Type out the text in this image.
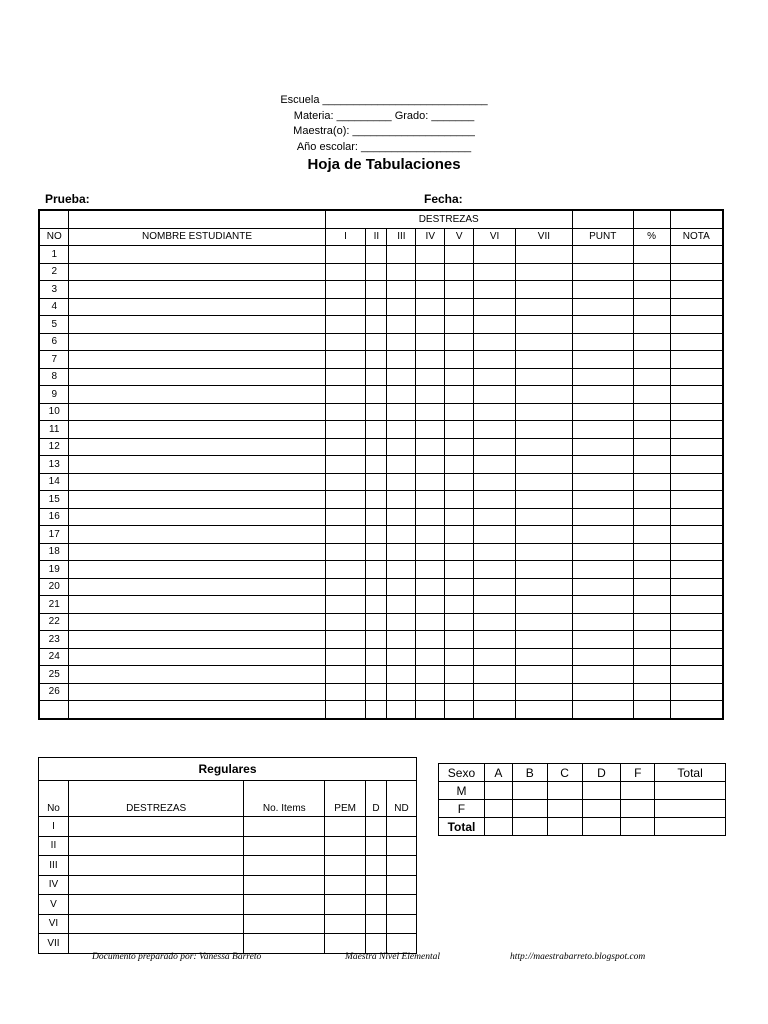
Escuela ___________________________
Materia: _________ Grado: _______
Maestra(o): ____________________
Año escolar: __________________
Hoja de Tabulaciones
Prueba:	Fecha:
		DESTREZAS									
NO	NOMBRE ESTUDIANTE	I	II	III	IV	V	VI	VII	PUNT	%	NOTA
1											
2											
3											
4											
5											
6											
7											
8											
9											
10											
11											
12											
13											
14											
15											
16											
17											
18											
19											
20											
21											
22											
23											
24											
25											
26											

Regulares					
No	DESTREZAS	No. Items	PEM	D	ND
I					
II					
III					
IV					
V					
VI					
VII					
Sexo	A	B	C	D	F	Total
M						
F						
Total						
Documento preparado por: Vanessa Barreto	Maestra Nivel Elemental	http://maestrabarreto.blogspot.com
